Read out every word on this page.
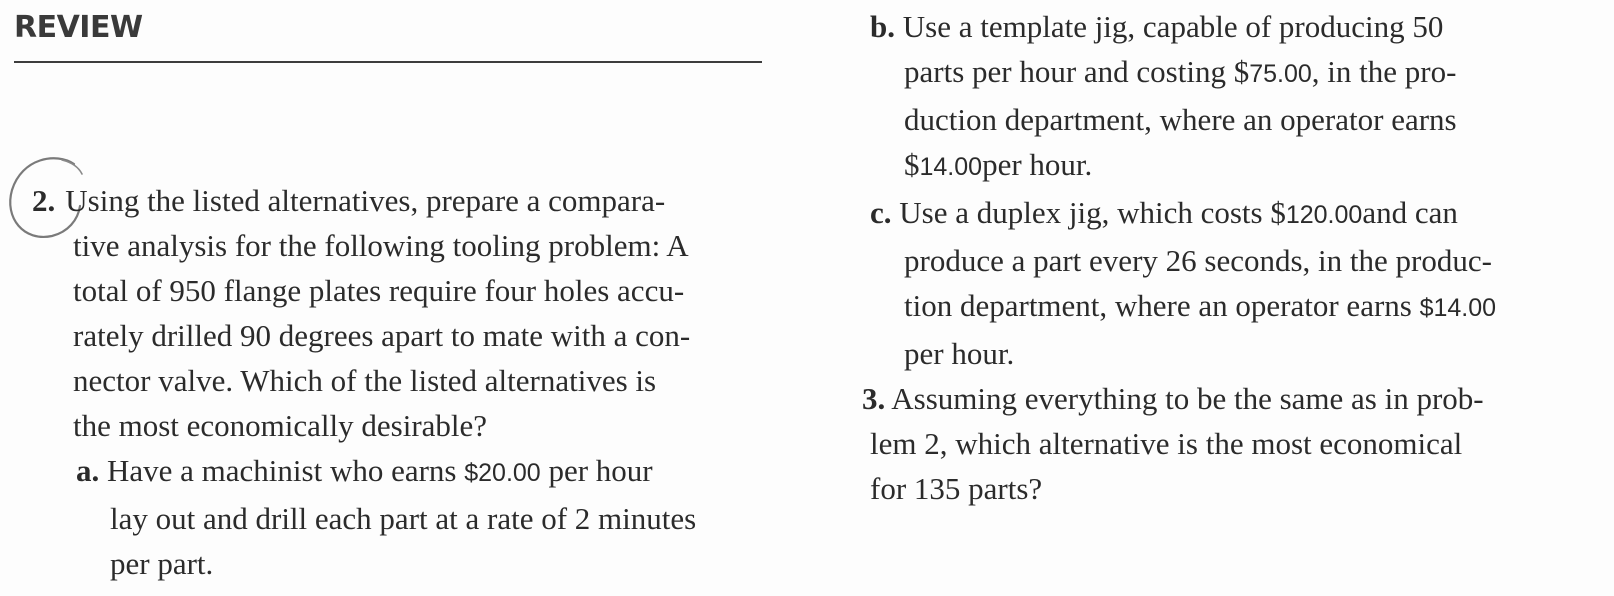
REVIEW
2. Using the listed alternatives, prepare a compara-
tive analysis for the following tooling problem: A
total of 950 flange plates require four holes accu-
rately drilled 90 degrees apart to mate with a con-
nector valve. Which of the listed alternatives is
the most economically desirable?
a. Have a machinist who earns $20.00 per hour
lay out and drill each part at a rate of 2 minutes
per part.
b. Use a template jig, capable of producing 50
parts per hour and costing $75.00, in the pro-
duction department, where an operator earns
$14.00per hour.
c. Use a duplex jig, which costs $120.00and can
produce a part every 26 seconds, in the produc-
tion department, where an operator earns $14.00
per hour.
3. Assuming everything to be the same as in prob-
lem 2, which alternative is the most economical
for 135 parts?
